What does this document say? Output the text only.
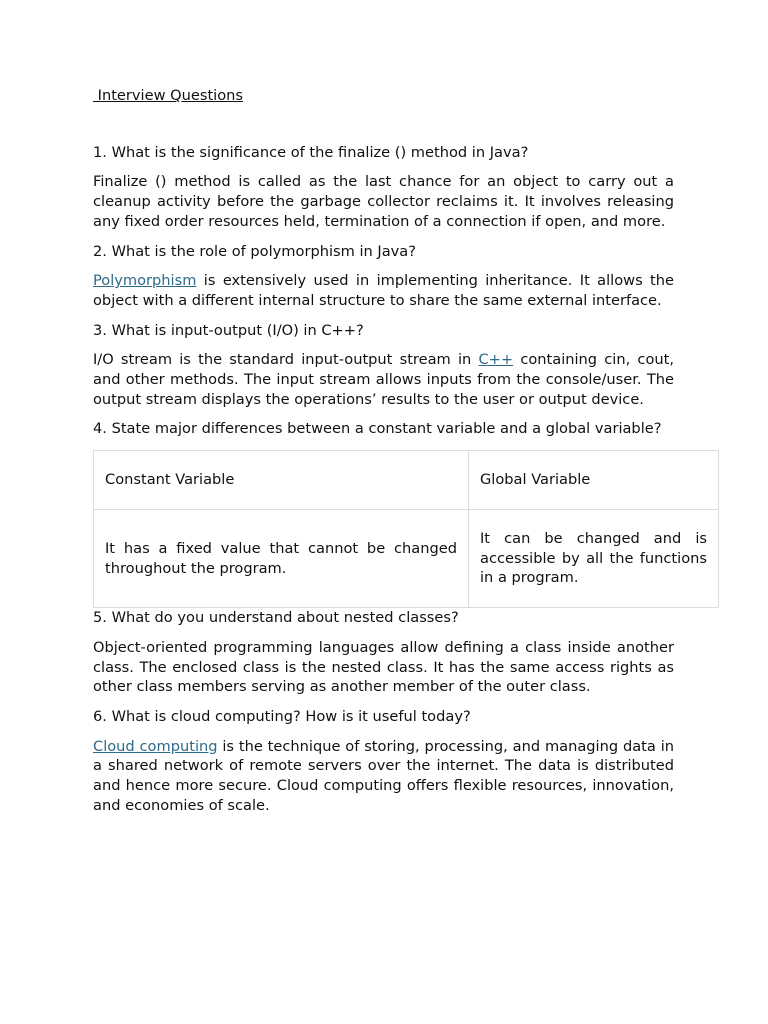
Interview Questions

1. What is the significance of the finalize () method in Java?

Finalize () method is called as the last chance for an object to carry out a cleanup activity before the garbage collector reclaims it. It involves releasing any fixed order resources held, termination of a connection if open, and more.

2. What is the role of polymorphism in Java?

Polymorphism is extensively used in implementing inheritance. It allows the object with a different internal structure to share the same external interface.

3. What is input-output (I/O) in C++?

I/O stream is the standard input-output stream in C++ containing cin, cout, and other methods. The input stream allows inputs from the console/user. The output stream displays the operations’ results to the user or output device.

4. State major differences between a constant variable and a global variable?

Constant Variable	Global Variable
It has a fixed value that cannot be changed throughout the program.	It can be changed and is accessible by all the functions in a program.

5. What do you understand about nested classes?

Object-oriented programming languages allow defining a class inside another class. The enclosed class is the nested class. It has the same access rights as other class members serving as another member of the outer class.

6. What is cloud computing? How is it useful today?

Cloud computing is the technique of storing, processing, and managing data in a shared network of remote servers over the internet. The data is distributed and hence more secure. Cloud computing offers flexible resources, innovation, and economies of scale.
